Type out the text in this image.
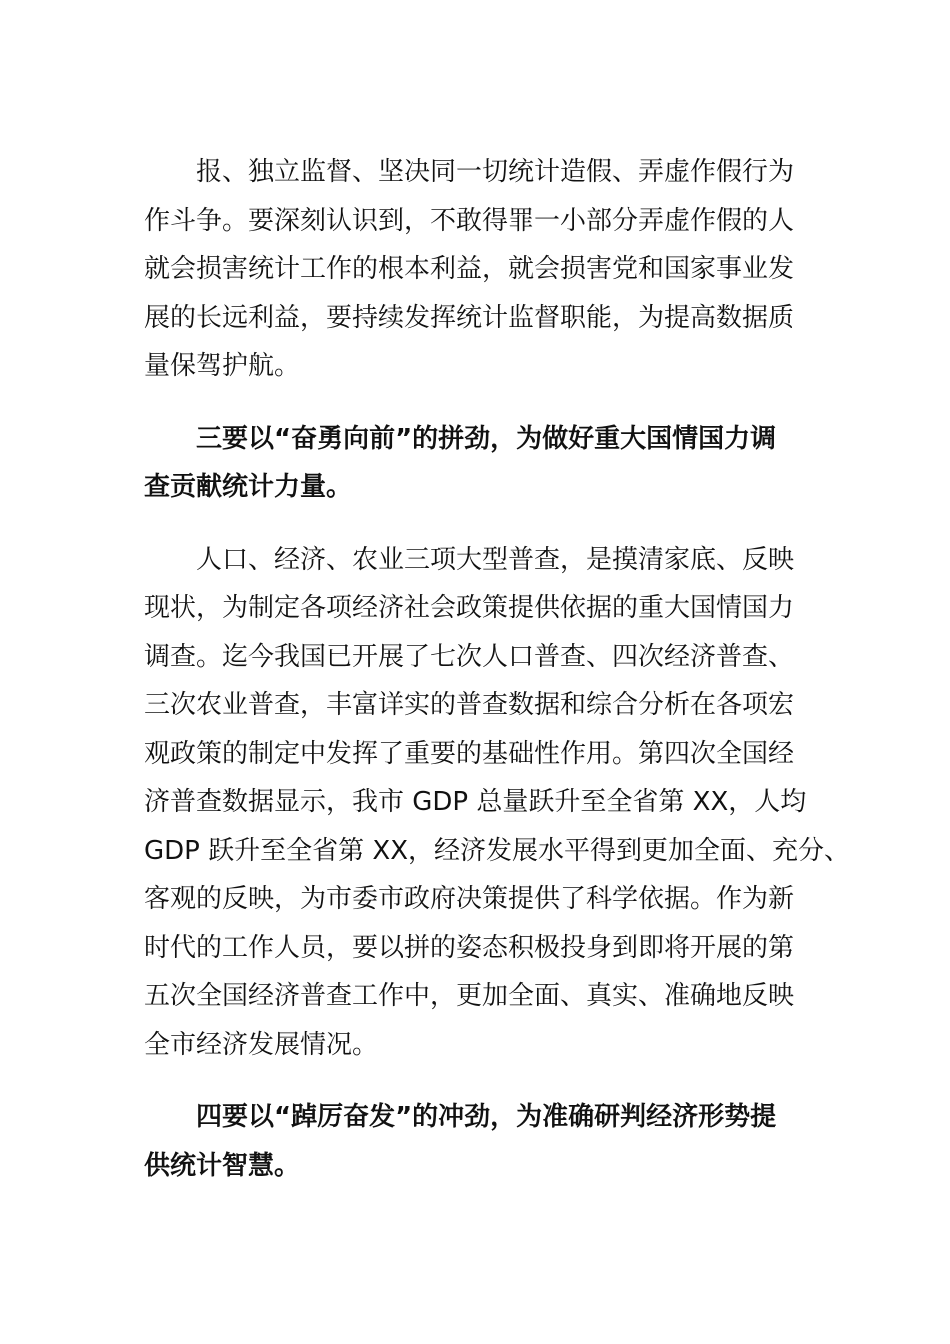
报、独立监督、坚决同一切统计造假、弄虚作假行为
作斗争。要深刻认识到，不敢得罪一小部分弄虚作假的人
就会损害统计工作的根本利益，就会损害党和国家事业发
展的长远利益，要持续发挥统计监督职能，为提高数据质
量保驾护航。
三要以“奋勇向前”的拼劲，为做好重大国情国力调
查贡献统计力量。
人口、经济、农业三项大型普查，是摸清家底、反映
现状，为制定各项经济社会政策提供依据的重大国情国力
调查。迄今我国已开展了七次人口普查、四次经济普查、
三次农业普查，丰富详实的普查数据和综合分析在各项宏
观政策的制定中发挥了重要的基础性作用。第四次全国经
济普查数据显示，我市 GDP 总量跃升至全省第 XX，人均
GDP 跃升至全省第 XX，经济发展水平得到更加全面、充分、
客观的反映，为市委市政府决策提供了科学依据。作为新
时代的工作人员，要以拼的姿态积极投身到即将开展的第
五次全国经济普查工作中，更加全面、真实、准确地反映
全市经济发展情况。
四要以“踔厉奋发”的冲劲，为准确研判经济形势提
供统计智慧。
